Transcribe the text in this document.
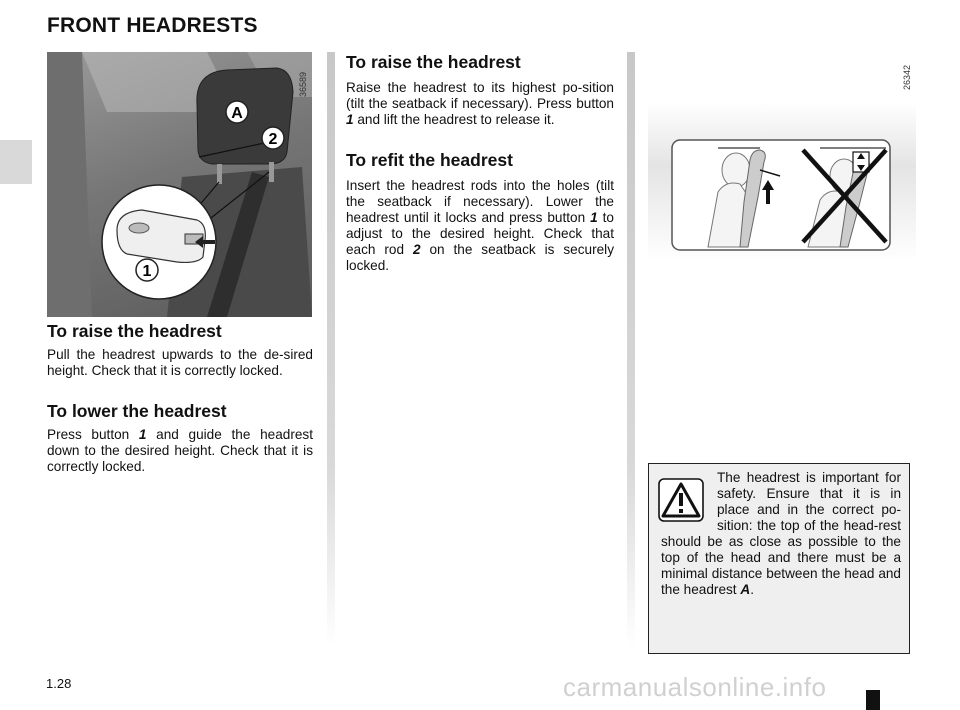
FRONT HEADRESTS
A
2
1
36589
To raise the headrest

Pull the headrest upwards to the de-sired height. Check that it is correctly locked.

To lower the headrest

Press button 1 and guide the headrest down to the desired height. Check that it is correctly locked.

To raise the headrest

Raise the headrest to its highest po-sition (tilt the seatback if necessary). Press button 1 and lift the headrest to release it.

To refit the headrest

Insert the headrest rods into the holes (tilt the seatback if necessary). Lower the headrest until it locks and press button 1 to adjust to the desired height. Check that each rod 2 on the seatback is securely locked.

26342
The headrest is important for safety. Ensure that it is in place and in the correct po-sition: the top of the head-rest should be as close as possible to the top of the head and there must be a minimal distance between the head and the headrest A.
1.28	carmanualsonline.info
